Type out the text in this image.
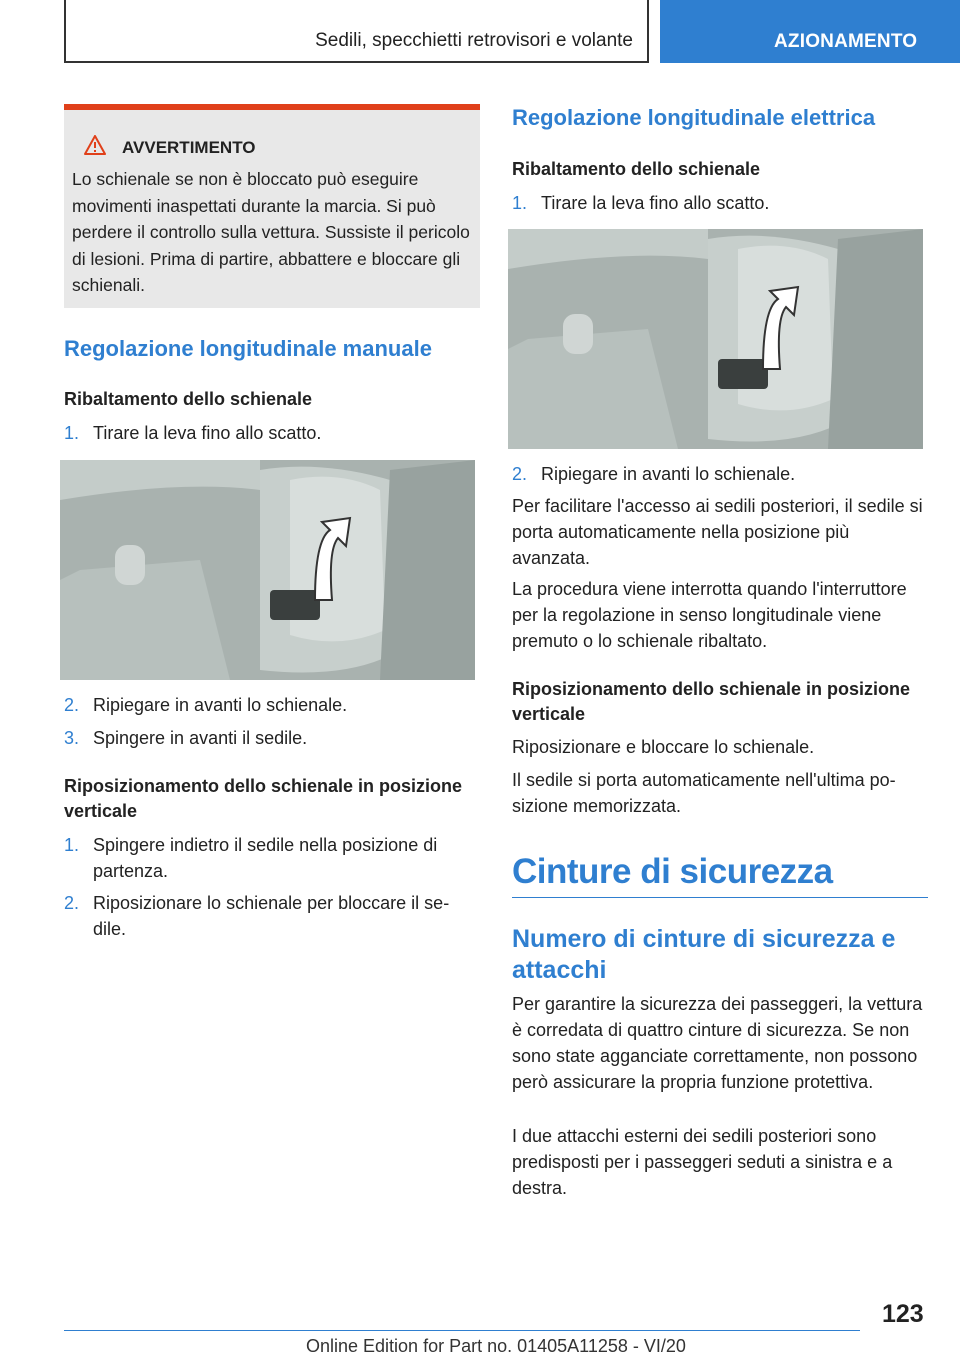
Sedili, specchietti retrovisori e volante	AZIONAMENTO
AVVERTIMENTO
Lo schienale se non è bloccato può eseguire movimenti inaspettati durante la marcia. Si può perdere il controllo sulla vettura. Sussiste il pericolo di lesioni. Prima di partire, abbattere e bloccare gli schienali.
Regolazione longitudinale manuale
Ribaltamento dello schienale
1. Tirare la leva fino allo scatto.
2. Ripiegare in avanti lo schienale.
3. Spingere in avanti il sedile.
Riposizionamento dello schienale in posizione verticale
1. Spingere indietro il sedile nella posizione di partenza.
2. Riposizionare lo schienale per bloccare il sedile.
Regolazione longitudinale elettrica
Ribaltamento dello schienale
1. Tirare la leva fino allo scatto.
2. Ripiegare in avanti lo schienale.

Per facilitare l'accesso ai sedili posteriori, il sedile si porta automaticamente nella posizione più avanzata.

La procedura viene interrotta quando l'interruttore per la regolazione in senso longitudinale viene premuto o lo schienale ribaltato.

Riposizionamento dello schienale in posizione verticale

Riposizionare e bloccare lo schienale.

Il sedile si porta automaticamente nell'ultima posizione memorizzata.

Cinture di sicurezza
Numero di cinture di sicurezza e attacchi

Per garantire la sicurezza dei passeggeri, la vettura è corredata di quattro cinture di sicurezza. Se non sono state agganciate correttamente, non possono però assicurare la propria funzione protettiva.

I due attacchi esterni dei sedili posteriori sono predisposti per i passeggeri seduti a sinistra e a destra.

123
Online Edition for Part no. 01405A11258 - VI/20
